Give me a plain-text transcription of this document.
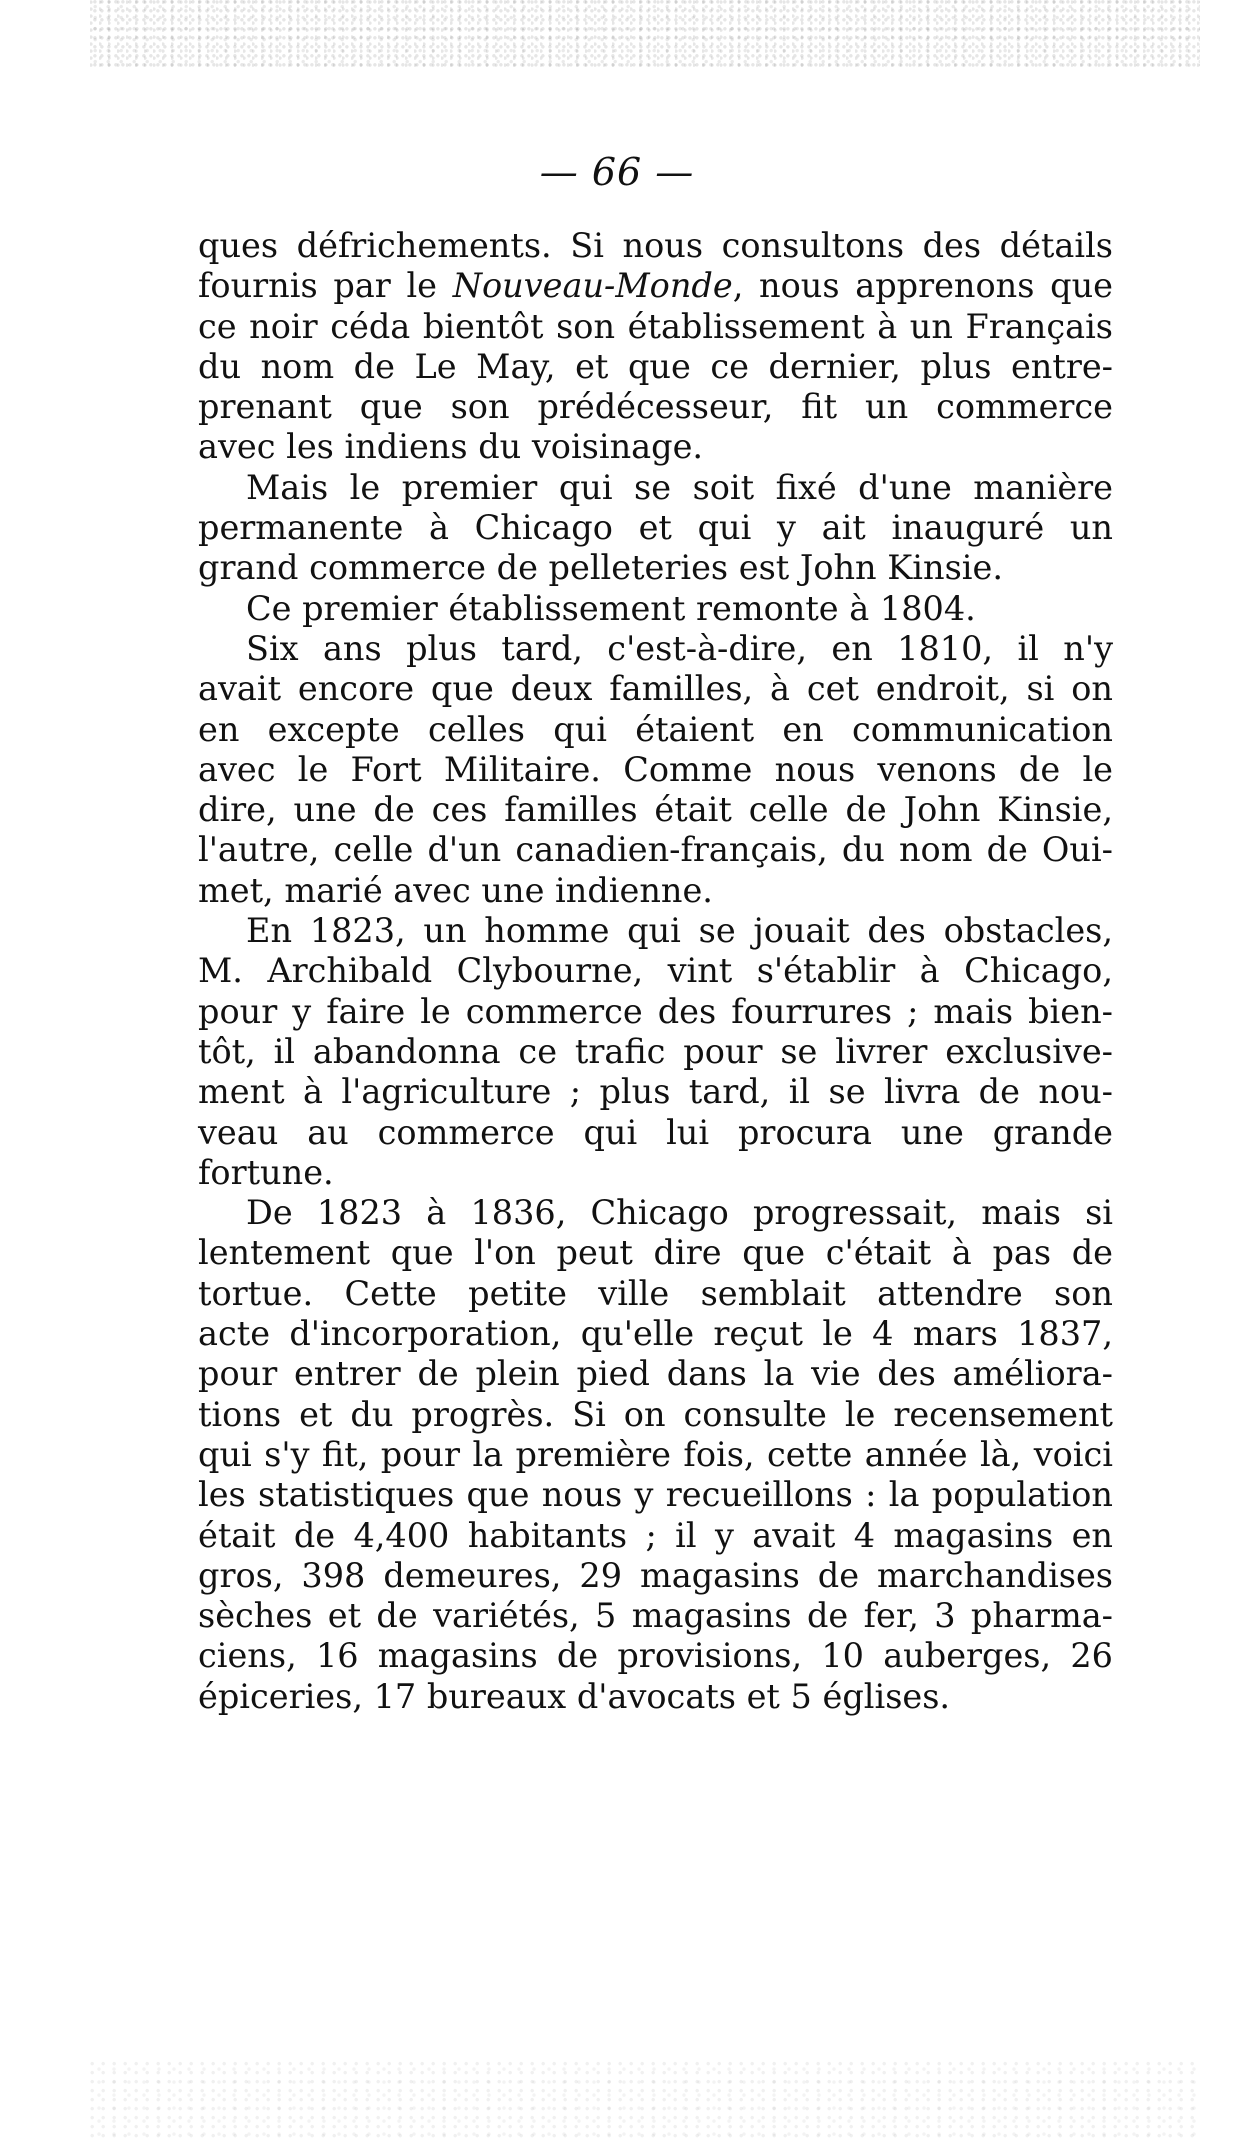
— 66 —
ques défrichements. Si nous consultons des détails
fournis par le Nouveau-Monde, nous apprenons que
ce noir céda bientôt son établissement à un Français
du nom de Le May, et que ce dernier, plus entre-
prenant que son prédécesseur, fit un commerce
avec les indiens du voisinage.
Mais le premier qui se soit fixé d'une manière
permanente à Chicago et qui y ait inauguré un
grand commerce de pelleteries est John Kinsie.
Ce premier établissement remonte à 1804.
Six ans plus tard, c'est-à-dire, en 1810, il n'y
avait encore que deux familles, à cet endroit, si on
en excepte celles qui étaient en communication
avec le Fort Militaire. Comme nous venons de le
dire, une de ces familles était celle de John Kinsie,
l'autre, celle d'un canadien-français, du nom de Oui-
met, marié avec une indienne.
En 1823, un homme qui se jouait des obstacles,
M. Archibald Clybourne, vint s'établir à Chicago,
pour y faire le commerce des fourrures ; mais bien-
tôt, il abandonna ce trafic pour se livrer exclusive-
ment à l'agriculture ; plus tard, il se livra de nou-
veau au commerce qui lui procura une grande
fortune.
De 1823 à 1836, Chicago progressait, mais si
lentement que l'on peut dire que c'était à pas de
tortue. Cette petite ville semblait attendre son
acte d'incorporation, qu'elle reçut le 4 mars 1837,
pour entrer de plein pied dans la vie des améliora-
tions et du progrès. Si on consulte le recensement
qui s'y fit, pour la première fois, cette année là, voici
les statistiques que nous y recueillons : la population
était de 4,400 habitants ; il y avait 4 magasins en
gros, 398 demeures, 29 magasins de marchandises
sèches et de variétés, 5 magasins de fer, 3 pharma-
ciens, 16 magasins de provisions, 10 auberges, 26
épiceries, 17 bureaux d'avocats et 5 églises.
